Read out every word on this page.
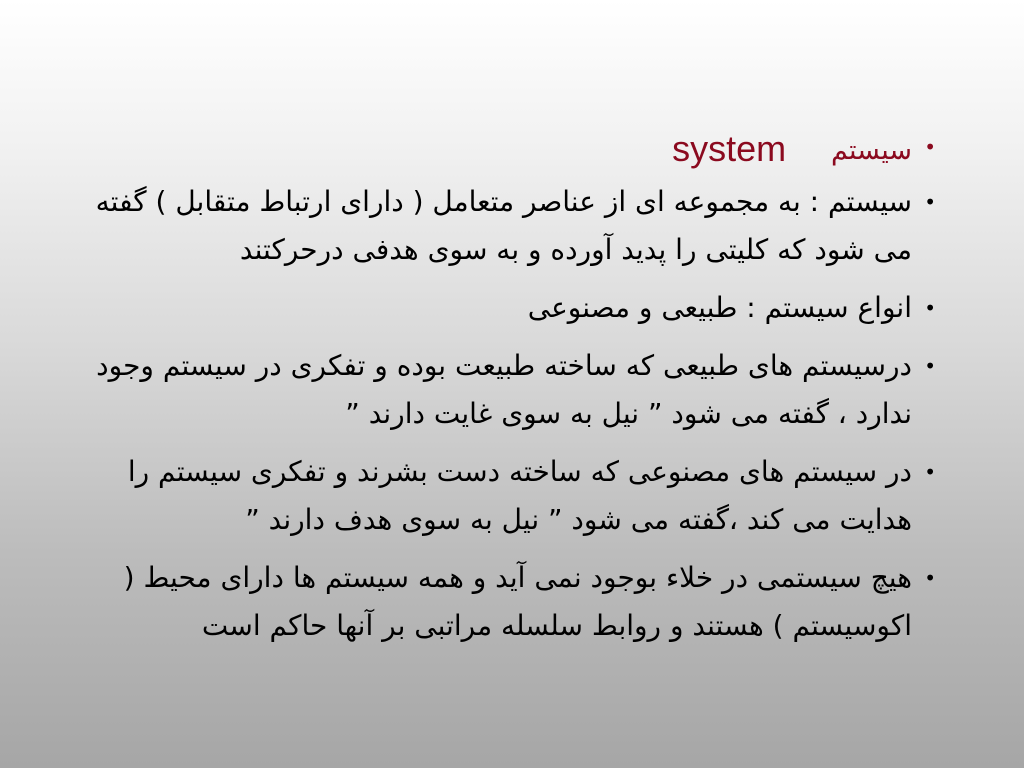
•
سیستم system
•
سیستم : به مجموعه ای از عناصر متعامل ( دارای ارتباط متقابل ) گفته می شود که کلیتی را پدید آورده و به سوی هدفی درحرکتند
•
انواع سیستم : طبیعی و مصنوعی
•
درسیستم های طبیعی که ساخته طبیعت بوده و تفکری در سیستم وجود ندارد ، گفته می شود ” نیل به سوی غایت دارند ”
•
در سیستم های مصنوعی که ساخته دست بشرند و تفکری سیستم را هدایت می کند ،گفته می شود ” نیل به سوی هدف دارند ”
•
هیچ سیستمی در خلاء بوجود نمی آید و همه سیستم ها دارای محیط ( اکوسیستم ) هستند و روابط سلسله مراتبی بر آنها حاکم است
